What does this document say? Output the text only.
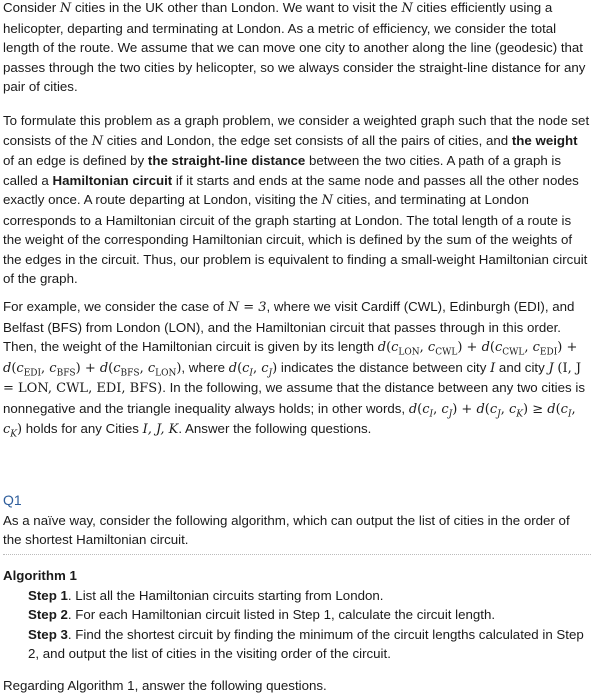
Consider N cities in the UK other than London. We want to visit the N cities efficiently using a helicopter, departing and terminating at London. As a metric of efficiency, we consider the total length of the route. We assume that we can move one city to another along the line (geodesic) that passes through the two cities by helicopter, so we always consider the straight-line distance for any pair of cities.

To formulate this problem as a graph problem, we consider a weighted graph such that the node set consists of the N cities and London, the edge set consists of all the pairs of cities, and the weight of an edge is defined by the straight-line distance between the two cities. A path of a graph is called a Hamiltonian circuit if it starts and ends at the same node and passes all the other nodes exactly once. A route departing at London, visiting the N cities, and terminating at London corresponds to a Hamiltonian circuit of the graph starting at London. The total length of a route is the weight of the corresponding Hamiltonian circuit, which is defined by the sum of the weights of the edges in the circuit. Thus, our problem is equivalent to finding a small-weight Hamiltonian circuit of the graph.

For example, we consider the case of N = 3, where we visit Cardiff (CWL), Edinburgh (EDI), and Belfast (BFS) from London (LON), and the Hamiltonian circuit that passes through in this order. Then, the weight of the Hamiltonian circuit is given by its length $d(c_{LON}$, $c_{CWL}) + d(c_{CWL}$, $c_{EDI}) + d(c_{EDI}$, $c_{BFS}) + d(c_{BFS}$, $c_{LON}$), where $d(c_I$, $c_J$) indicates the distance between city I and city J (I, J = LON, CWL, EDI, BFS). In the following, we assume that the distance between any two cities is nonnegative and the triangle inequality always holds; in other words, $d(c_I$, $c_J) + d(c_J$, $c_K) \ge d(c_I$, $c_K$) holds for any Cities I, J, K. Answer the following questions.

Q1

As a naïve way, consider the following algorithm, which can output the list of cities in the order of the shortest Hamiltonian circuit.

Algorithm 1

Step 1. List all the Hamiltonian circuits starting from London.

Step 2. For each Hamiltonian circuit listed in Step 1, calculate the circuit length.

Step 3. Find the shortest circuit by finding the minimum of the circuit lengths calculated in Step 2, and output the list of cities in the visiting order of the circuit.

Regarding Algorithm 1, answer the following questions.
